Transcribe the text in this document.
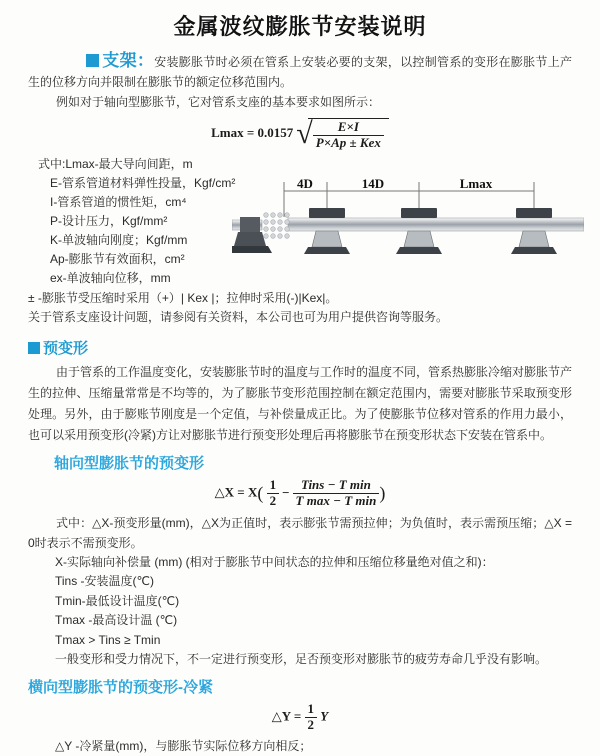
金属波纹膨胀节安装说明

支架：安装膨胀节时必须在管系上安装必要的支架，以控制管系的变形在膨胀节上产生的位移方向并限制在膨胀节的额定位移范围内。

例如对于轴向型膨胀节，它对管系支座的基本要求如图所示：

Lmax = 0.0157 √ $\frac{E\times I}{\text{P×Ap ± Kex}}$
式中:Lmax-最大导向间距，m
E-管系管道材料弹性投量，Kgf/cm²
I-管系管道的惯性矩，cm⁴
P-设计压力，Kgf/mm²
K-单波轴向刚度；Kgf/mm
Ap-膨胀节有效面积，cm²
ex-单波轴向位移，mm
4D	14D	Lmax
± -膨胀节受压缩时采用（+）| Kex |；拉伸时采用(-)|Kex|。
关于管系支座设计问题，请参阅有关资料，本公司也可为用户提供咨询等服务。
预变形

由于管系的工作温度变化，安装膨胀节时的温度与工作时的温度不同，管系热膨胀冷缩对膨胀节产生的拉伸、压缩量常常是不均等的，为了膨胀节变形范围控制在额定范围内，需要对膨胀节采取预变形处理。另外，由于膨账节刚度是一个定值，与补偿量成正比。为了使膨胀节位移对管系的作用力最小，也可以采用预变形(冷紧)方让对膨胀节进行预变形处理后再将膨胀节在预变形状态下安装在管系中。

轴向型膨胀节的预变形
△X = $X( \frac{1}{2} - \frac{\text{Tins − T min}}{\text{T max − T min}}$ )

式中：△X-预变形量(mm)，△X为正值时，表示膨张节需预拉伸；为负值时，表示需预压缩；△X = 0时表示不需预变形。

X-实际轴向补偿量 (mm) (相对于膨胀节中间状态的拉伸和压缩位移量绝对值之和)：
Tins -安装温度(℃)
Tmin-最低设计温度(℃)
Tmax -最高设计温 (℃)
Tmax > Tins ≥ Tmin
一般变形和受力情况下，不一定进行预变形，足否预变形对膨胀节的疲劳寿命几乎没有影响。
横向型膨胀节的预变形-冷紧
△Y = $\frac{1}{2}$ Y
△Y -冷紧量(mm)，与膨胀节实际位移方向相反；
